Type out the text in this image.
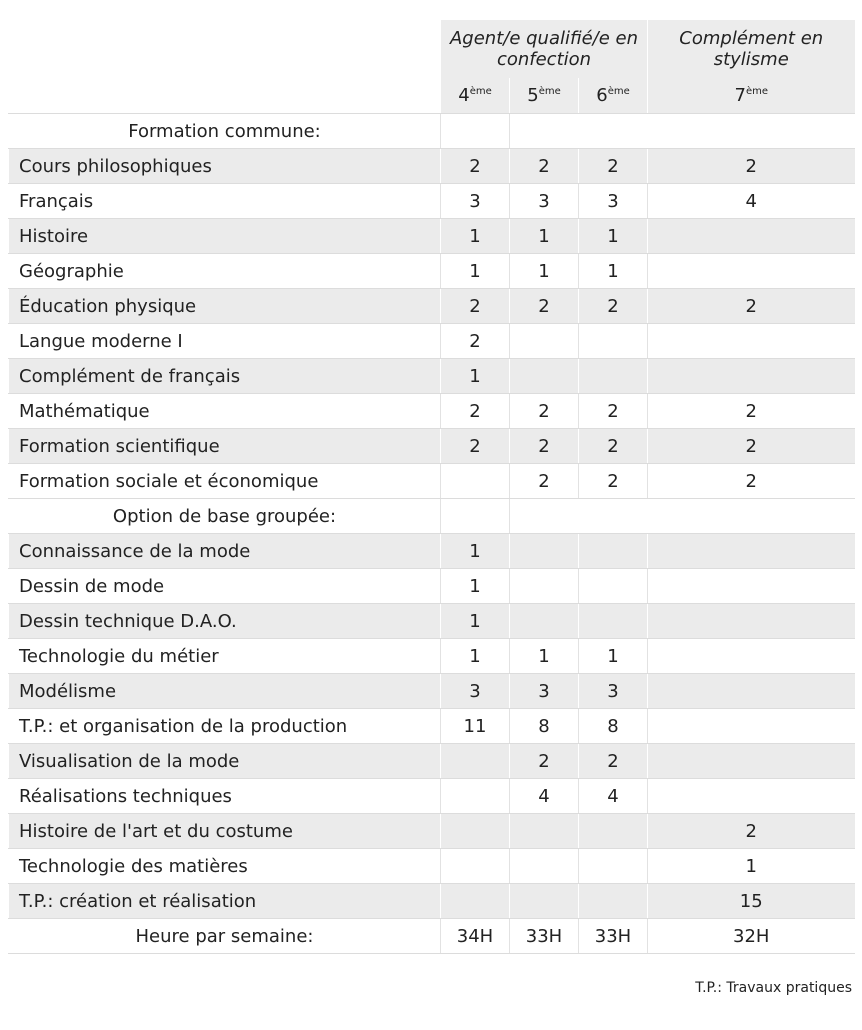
	Agent/e qualifié/e en confection			Complément en stylisme
	4ème	5ème	6ème	7ème
Formation commune:				
Cours philosophiques	2	2	2	2
Français	3	3	3	4
Histoire	1	1	1	
Géographie	1	1	1	
Éducation physique	2	2	2	2
Langue moderne I	2			
Complément de français	1			
Mathématique	2	2	2	2
Formation scientifique	2	2	2	2
Formation sociale et économique		2	2	2
Option de base groupée:				
Connaissance de la mode	1			
Dessin de mode	1			
Dessin technique D.A.O.	1			
Technologie du métier	1	1	1	
Modélisme	3	3	3	
T.P.: et organisation de la production	11	8	8	
Visualisation de la mode		2	2	
Réalisations techniques		4	4	
Histoire de l'art et du costume				2
Technologie des matières				1
T.P.: création et réalisation				15
Heure par semaine:	34H	33H	33H	32H
T.P.: Travaux pratiques
